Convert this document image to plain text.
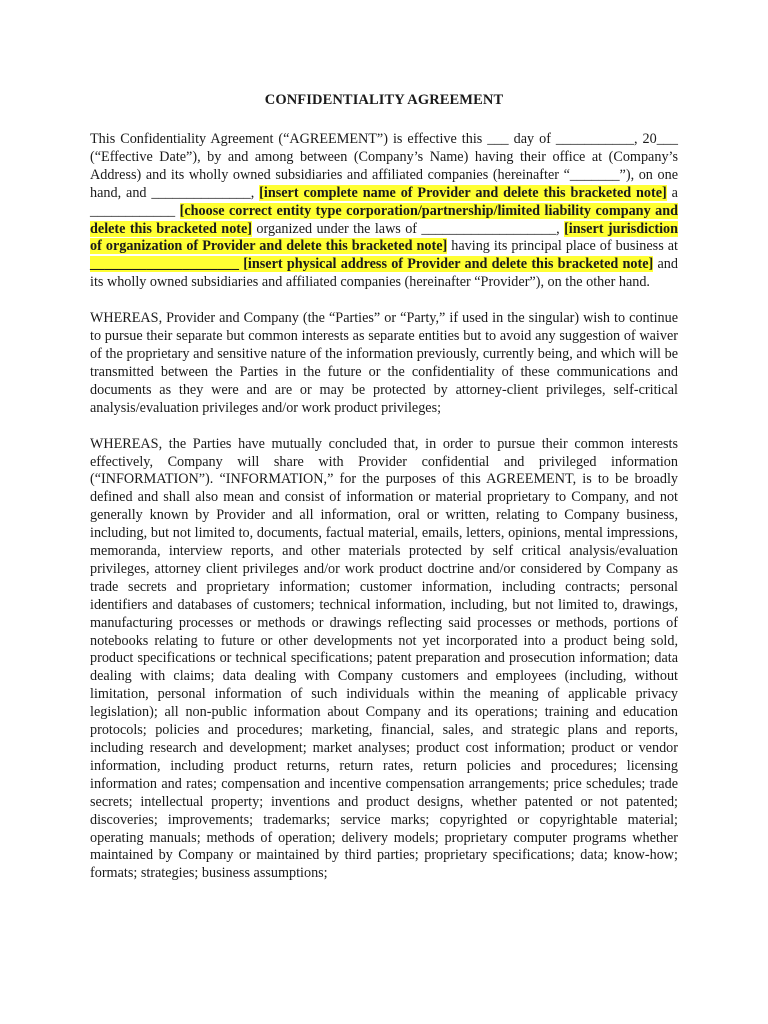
CONFIDENTIALITY AGREEMENT

This Confidentiality Agreement (“AGREEMENT”) is effective this ___ day of ___________, 20___ (“Effective Date”), by and among between (Company’s Name) having their office at (Company’s Address) and its wholly owned subsidiaries and affiliated companies (hereinafter “_______”), on one hand, and ______________, [insert complete name of Provider and delete this bracketed note] a ____________ [choose correct entity type corporation/partnership/limited liability company and delete this bracketed note] organized under the laws of ___________________, [insert jurisdiction of organization of Provider and delete this bracketed note] having its principal place of business at _____________________ [insert physical address of Provider and delete this bracketed note] and its wholly owned subsidiaries and affiliated companies (hereinafter “Provider”), on the other hand.

WHEREAS, Provider and Company (the “Parties” or “Party,” if used in the singular) wish to continue to pursue their separate but common interests as separate entities but to avoid any suggestion of waiver of the proprietary and sensitive nature of the information previously, currently being, and which will be transmitted between the Parties in the future or the confidentiality of these communications and documents as they were and are or may be protected by attorney-client privileges, self-critical analysis/evaluation privileges and/or work product privileges;

WHEREAS, the Parties have mutually concluded that, in order to pursue their common interests effectively, Company will share with Provider confidential and privileged information (“INFORMATION”). “INFORMATION,” for the purposes of this AGREEMENT, is to be broadly defined and shall also mean and consist of information or material proprietary to Company, and not generally known by Provider and all information, oral or written, relating to Company business, including, but not limited to, documents, factual material, emails, letters, opinions, mental impressions, memoranda, interview reports, and other materials protected by self critical analysis/evaluation privileges, attorney client privileges and/or work product doctrine and/or considered by Company as trade secrets and proprietary information; customer information, including contracts; personal identifiers and databases of customers; technical information, including, but not limited to, drawings, manufacturing processes or methods or drawings reflecting said processes or methods, portions of notebooks relating to future or other developments not yet incorporated into a product being sold, product specifications or technical specifications; patent preparation and prosecution information; data dealing with claims; data dealing with Company customers and employees (including, without limitation, personal information of such individuals within the meaning of applicable privacy legislation); all non-public information about Company and its operations; training and education protocols; policies and procedures; marketing, financial, sales, and strategic plans and reports, including research and development; market analyses; product cost information; product or vendor information, including product returns, return rates, return policies and procedures; licensing information and rates; compensation and incentive compensation arrangements; price schedules; trade secrets; intellectual property; inventions and product designs, whether patented or not patented; discoveries; improvements; trademarks; service marks; copyrighted or copyrightable material; operating manuals; methods of operation; delivery models; proprietary computer programs whether maintained by Company or maintained by third parties; proprietary specifications; data; know-how; formats; strategies; business assumptions;
